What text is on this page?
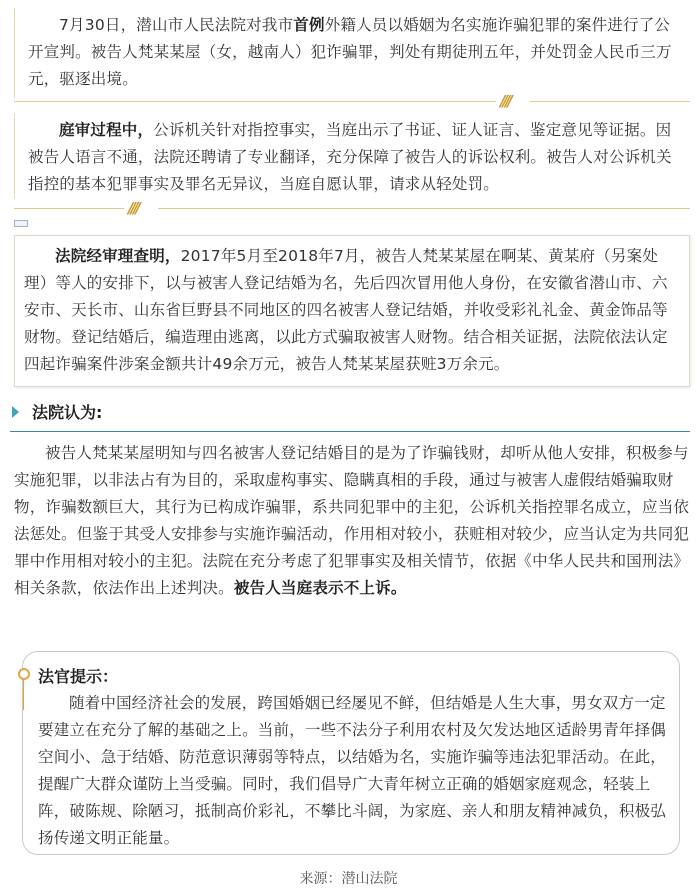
7月30日，潜山市人民法院对我市首例外籍人员以婚姻为名实施诈骗犯罪的案件进行了公开宣判。被告人梵某某屋（女，越南人）犯诈骗罪，判处有期徒刑五年，并处罚金人民币三万元，驱逐出境。
////
庭审过程中，公诉机关针对指控事实，当庭出示了书证、证人证言、鉴定意见等证据。因被告人语言不通，法院还聘请了专业翻译，充分保障了被告人的诉讼权利。被告人对公诉机关指控的基本犯罪事实及罪名无异议，当庭自愿认罪，请求从轻处罚。
////
法院经审理查明，2017年5月至2018年7月，被告人梵某某屋在啊某、黄某府（另案处理）等人的安排下，以与被害人登记结婚为名，先后四次冒用他人身份，在安徽省潜山市、六安市、天长市、山东省巨野县不同地区的四名被害人登记结婚，并收受彩礼礼金、黄金饰品等财物。登记结婚后，编造理由逃离，以此方式骗取被害人财物。结合相关证据，法院依法认定四起诈骗案件涉案金额共计49余万元，被告人梵某某屋获赃3万余元。
法院认为:
被告人梵某某屋明知与四名被害人登记结婚目的是为了诈骗钱财，却听从他人安排，积极参与实施犯罪，以非法占有为目的，采取虚构事实、隐瞒真相的手段，通过与被害人虚假结婚骗取财物，诈骗数额巨大，其行为已构成诈骗罪，系共同犯罪中的主犯，公诉机关指控罪名成立，应当依法惩处。但鉴于其受人安排参与实施诈骗活动，作用相对较小，获赃相对较少，应当认定为共同犯罪中作用相对较小的主犯。法院在充分考虑了犯罪事实及相关情节，依据《中华人民共和国刑法》相关条款，依法作出上述判决。被告人当庭表示不上诉。
法官提示：
随着中国经济社会的发展，跨国婚姻已经屡见不鲜，但结婚是人生大事，男女双方一定要建立在充分了解的基础之上。当前，一些不法分子利用农村及欠发达地区适龄男青年择偶空间小、急于结婚、防范意识薄弱等特点，以结婚为名，实施诈骗等违法犯罪活动。在此，提醒广大群众谨防上当受骗。同时，我们倡导广大青年树立正确的婚姻家庭观念，轻装上阵，破陈规、除陋习，抵制高价彩礼，不攀比斗阔，为家庭、亲人和朋友精神减负，积极弘扬传递文明正能量。
来源：潜山法院
